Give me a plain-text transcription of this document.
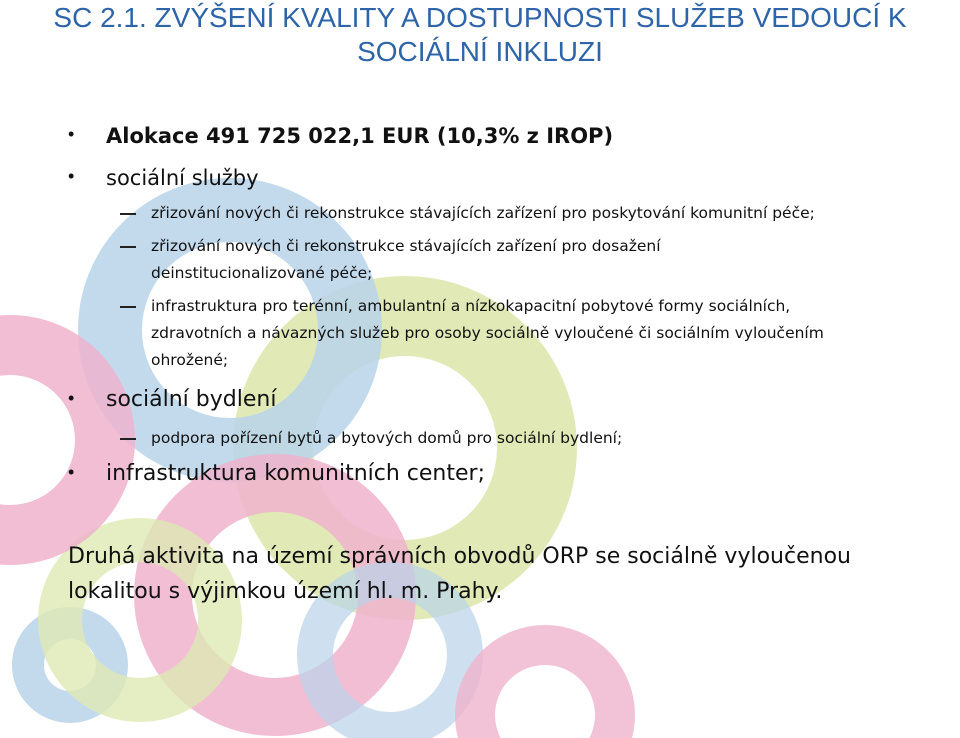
SC 2.1. ZVÝŠENÍ KVALITY A DOSTUPNOSTI SLUŽEB VEDOUCÍ K
SOCIÁLNÍ INKLUZI
• Alokace 491 725 022,1 EUR (10,3% z IROP)
• sociální služby
zřizování nových či rekonstrukce stávajících zařízení pro poskytování komunitní péče;
zřizování nových či rekonstrukce stávajících zařízení pro dosažení
deinstitucionalizované péče;
infrastruktura pro terénní, ambulantní a nízkokapacitní pobytové formy sociálních,
zdravotních a návazných služeb pro osoby sociálně vyloučené či sociálním vyloučením
ohrožené;
• sociální bydlení
podpora pořízení bytů a bytových domů pro sociální bydlení;
• infrastruktura komunitních center;
Druhá aktivita na území správních obvodů ORP se sociálně vyloučenou
lokalitou s výjimkou území hl. m. Prahy.
